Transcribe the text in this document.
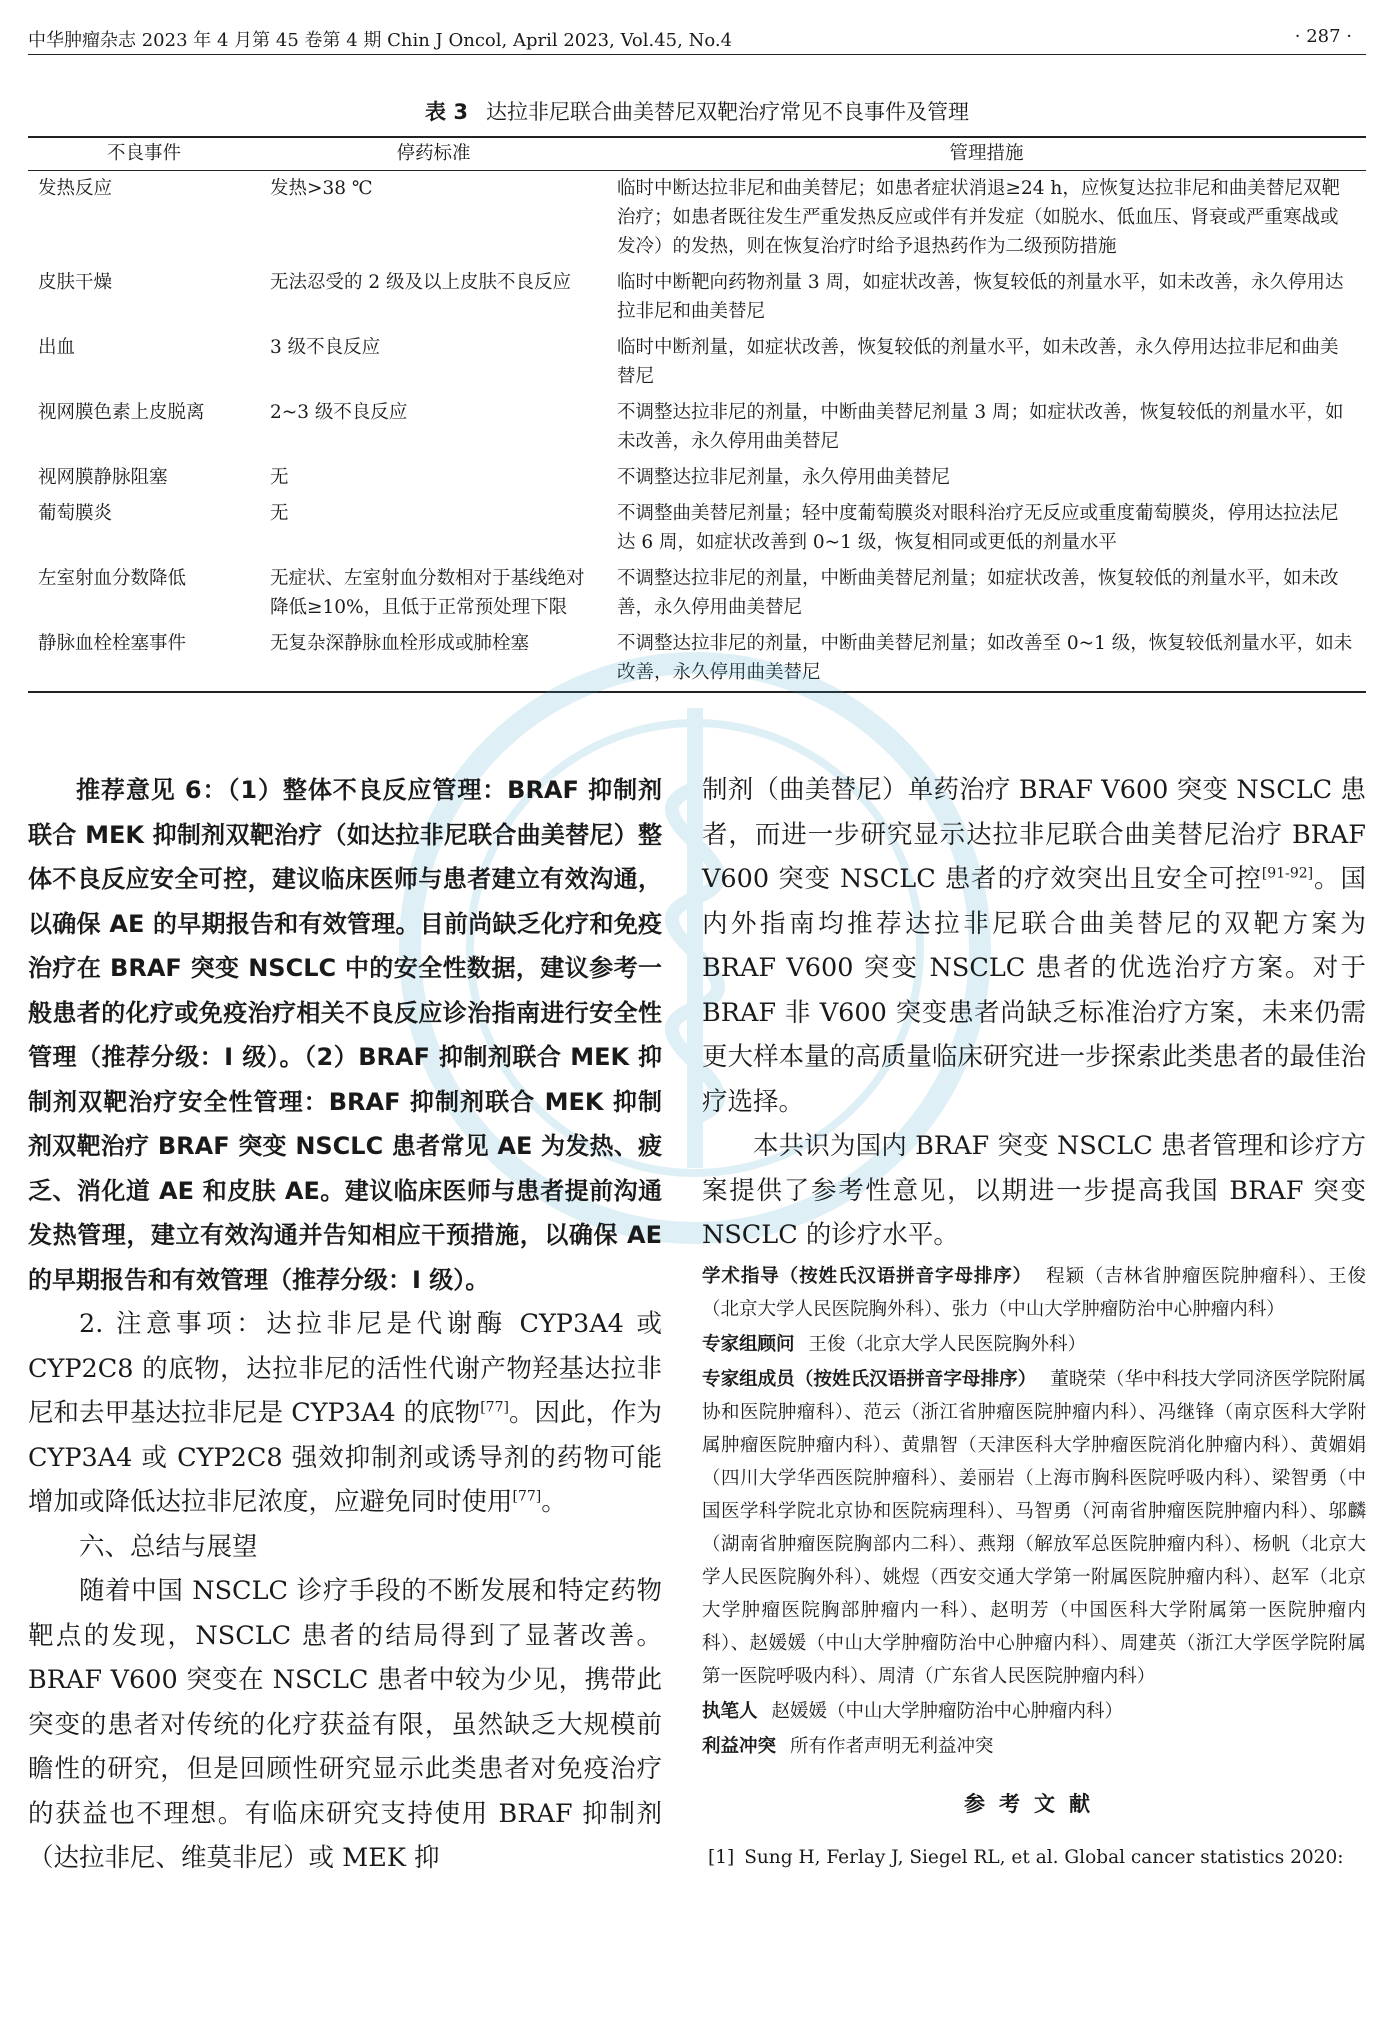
中华肿瘤杂志 2023 年 4 月第 45 卷第 4 期 Chin J Oncol, April 2023, Vol.45, No.4	· 287 ·
表 3 达拉非尼联合曲美替尼双靶治疗常见不良事件及管理
不良事件	停药标准	管理措施
发热反应	发热>38 ℃	临时中断达拉非尼和曲美替尼；如患者症状消退≥24 h，应恢复达拉非尼和曲美替尼双靶治疗；如患者既往发生严重发热反应或伴有并发症（如脱水、低血压、肾衰或严重寒战或发冷）的发热，则在恢复治疗时给予退热药作为二级预防措施
皮肤干燥	无法忍受的 2 级及以上皮肤不良反应	临时中断靶向药物剂量 3 周，如症状改善，恢复较低的剂量水平，如未改善，永久停用达拉非尼和曲美替尼
出血	3 级不良反应	临时中断剂量，如症状改善，恢复较低的剂量水平，如未改善，永久停用达拉非尼和曲美替尼
视网膜色素上皮脱离	2~3 级不良反应	不调整达拉非尼的剂量，中断曲美替尼剂量 3 周；如症状改善，恢复较低的剂量水平，如未改善，永久停用曲美替尼
视网膜静脉阻塞	无	不调整达拉非尼剂量，永久停用曲美替尼
葡萄膜炎	无	不调整曲美替尼剂量；轻中度葡萄膜炎对眼科治疗无反应或重度葡萄膜炎，停用达拉法尼达 6 周，如症状改善到 0~1 级，恢复相同或更低的剂量水平
左室射血分数降低	无症状、左室射血分数相对于基线绝对降低≥10%，且低于正常预处理下限	不调整达拉非尼的剂量，中断曲美替尼剂量；如症状改善，恢复较低的剂量水平，如未改善，永久停用曲美替尼
静脉血栓栓塞事件	无复杂深静脉血栓形成或肺栓塞	不调整达拉非尼的剂量，中断曲美替尼剂量；如改善至 0~1 级，恢复较低剂量水平，如未改善，永久停用曲美替尼

推荐意见 6：（1）整体不良反应管理：BRAF 抑制剂联合 MEK 抑制剂双靶治疗（如达拉非尼联合曲美替尼）整体不良反应安全可控，建议临床医师与患者建立有效沟通，以确保 AE 的早期报告和有效管理。目前尚缺乏化疗和免疫治疗在 BRAF 突变 NSCLC 中的安全性数据，建议参考一般患者的化疗或免疫治疗相关不良反应诊治指南进行安全性管理（推荐分级：Ⅰ 级）。（2）BRAF 抑制剂联合 MEK 抑制剂双靶治疗安全性管理：BRAF 抑制剂联合 MEK 抑制剂双靶治疗 BRAF 突变 NSCLC 患者常见 AE 为发热、疲乏、消化道 AE 和皮肤 AE。建议临床医师与患者提前沟通发热管理，建立有效沟通并告知相应干预措施，以确保 AE 的早期报告和有效管理（推荐分级：Ⅰ 级）。

2. 注意事项：达拉非尼是代谢酶 CYP3A4 或 CYP2C8 的底物，达拉非尼的活性代谢产物羟基达拉非尼和去甲基达拉非尼是 CYP3A4 的底物[77]。因此，作为 CYP3A4 或 CYP2C8 强效抑制剂或诱导剂的药物可能增加或降低达拉非尼浓度，应避免同时使用[77]。

六、总结与展望

随着中国 NSCLC 诊疗手段的不断发展和特定药物靶点的发现，NSCLC 患者的结局得到了显著改善。BRAF V600 突变在 NSCLC 患者中较为少见，携带此突变的患者对传统的化疗获益有限，虽然缺乏大规模前瞻性的研究，但是回顾性研究显示此类患者对免疫治疗的获益也不理想。有临床研究支持使用 BRAF 抑制剂（达拉非尼、维莫非尼）或 MEK 抑

制剂（曲美替尼）单药治疗 BRAF V600 突变 NSCLC 患者，而进一步研究显示达拉非尼联合曲美替尼治疗 BRAF V600 突变 NSCLC 患者的疗效突出且安全可控[91-92]。国内外指南均推荐达拉非尼联合曲美替尼的双靶方案为 BRAF V600 突变 NSCLC 患者的优选治疗方案。对于 BRAF 非 V600 突变患者尚缺乏标准治疗方案，未来仍需更大样本量的高质量临床研究进一步探索此类患者的最佳治疗选择。

本共识为国内 BRAF 突变 NSCLC 患者管理和诊疗方案提供了参考性意见，以期进一步提高我国 BRAF 突变 NSCLC 的诊疗水平。

学术指导（按姓氏汉语拼音字母排序） 程颖（吉林省肿瘤医院肿瘤科）、王俊（北京大学人民医院胸外科）、张力（中山大学肿瘤防治中心肿瘤内科）
专家组顾问 王俊（北京大学人民医院胸外科）
专家组成员（按姓氏汉语拼音字母排序） 董晓荣（华中科技大学同济医学院附属协和医院肿瘤科）、范云（浙江省肿瘤医院肿瘤内科）、冯继锋（南京医科大学附属肿瘤医院肿瘤内科）、黄鼎智（天津医科大学肿瘤医院消化肿瘤内科）、黄媚娟（四川大学华西医院肿瘤科）、姜丽岩（上海市胸科医院呼吸内科）、梁智勇（中国医学科学院北京协和医院病理科）、马智勇（河南省肿瘤医院肿瘤内科）、邬麟（湖南省肿瘤医院胸部内二科）、燕翔（解放军总医院肿瘤内科）、杨帆（北京大学人民医院胸外科）、姚煜（西安交通大学第一附属医院肿瘤内科）、赵军（北京大学肿瘤医院胸部肿瘤内一科）、赵明芳（中国医科大学附属第一医院肿瘤内科）、赵媛媛（中山大学肿瘤防治中心肿瘤内科）、周建英（浙江大学医学院附属第一医院呼吸内科）、周清（广东省人民医院肿瘤内科）
执笔人 赵媛媛（中山大学肿瘤防治中心肿瘤内科）
利益冲突 所有作者声明无利益冲突
参考文献
[1] Sung H, Ferlay J, Siegel RL, et al. Global cancer statistics 2020:
